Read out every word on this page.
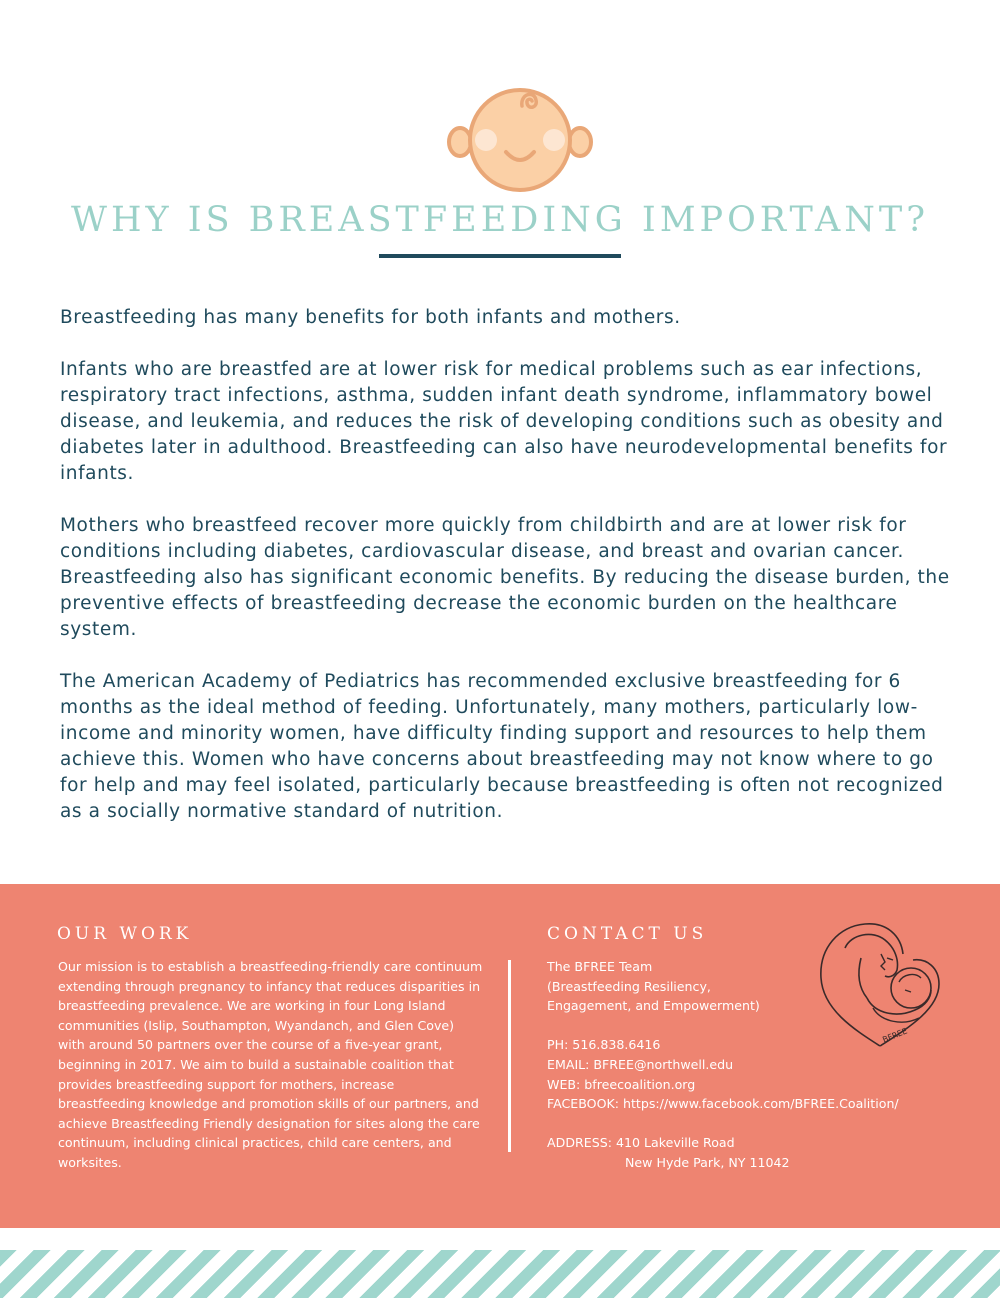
WHY IS BREASTFEEDING IMPORTANT?

Breastfeeding has many benefits for both infants and mothers.

Infants who are breastfed are at lower risk for medical problems such as ear infections, respiratory tract infections, asthma, sudden infant death syndrome, inflammatory bowel disease, and leukemia, and reduces the risk of developing conditions such as obesity and diabetes later in adulthood. Breastfeeding can also have neurodevelopmental benefits for infants.

Mothers who breastfeed recover more quickly from childbirth and are at lower risk for conditions including diabetes, cardiovascular disease, and breast and ovarian cancer. Breastfeeding also has significant economic benefits. By reducing the disease burden, the preventive effects of breastfeeding decrease the economic burden on the healthcare system.

The American Academy of Pediatrics has recommended exclusive breastfeeding for 6 months as the ideal method of feeding. Unfortunately, many mothers, particularly low-income and minority women, have difficulty finding support and resources to help them achieve this. Women who have concerns about breastfeeding may not know where to go for help and may feel isolated, particularly because breastfeeding is often not recognized as a socially normative standard of nutrition.

OUR WORK
Our mission is to establish a breastfeeding-friendly care continuum extending through pregnancy to infancy that reduces disparities in breastfeeding prevalence. We are working in four Long Island communities (Islip, Southampton, Wyandanch, and Glen Cove) with around 50 partners over the course of a five-year grant, beginning in 2017. We aim to build a sustainable coalition that provides breastfeeding support for mothers, increase breastfeeding knowledge and promotion skills of our partners, and achieve Breastfeeding Friendly designation for sites along the care continuum, including clinical practices, child care centers, and worksites.
CONTACT US
The BFREE Team
(Breastfeeding Resiliency,
Engagement, and Empowerment)
PH: 516.838.6416
EMAIL: BFREE@northwell.edu
WEB: bfreecoalition.org
FACEBOOK: https://www.facebook.com/BFREE.Coalition/
ADDRESS: 410 Lakeville Road
New Hyde Park, NY 11042
BFREE
